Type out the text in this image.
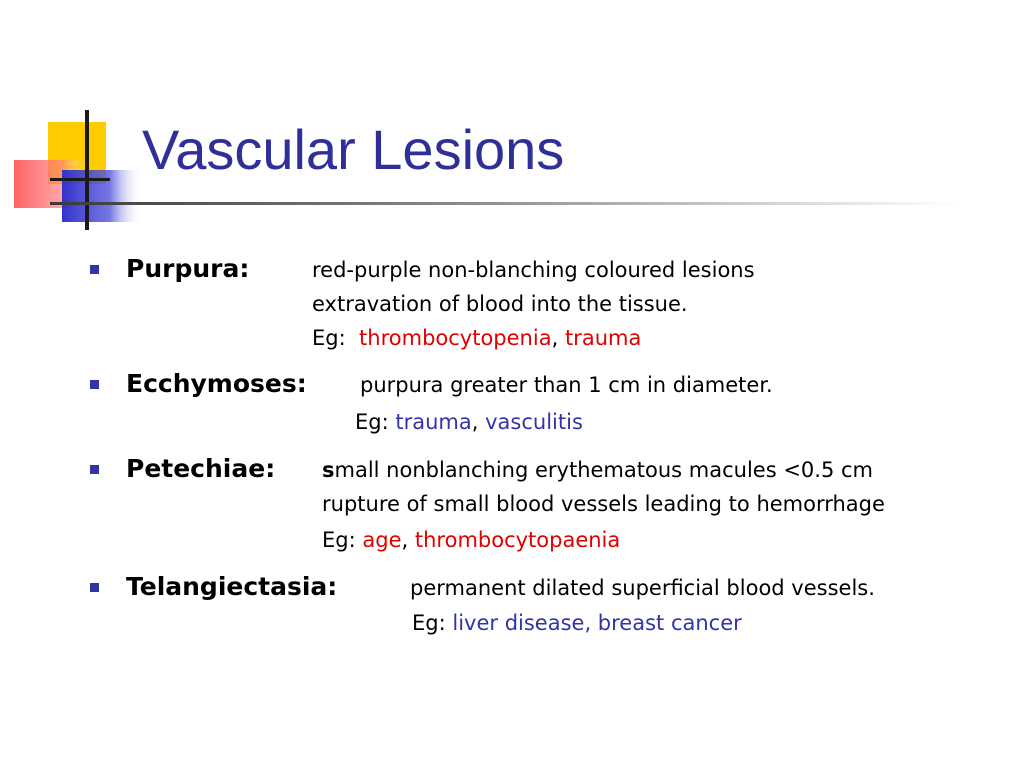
Vascular Lesions
Purpura:	red-purple non-blanching coloured lesions
extravation of blood into the tissue.
Eg: thrombocytopenia, trauma
Ecchymoses:	purpura greater than 1 cm in diameter.
Eg: trauma, vasculitis
Petechiae: small nonblanching erythematous macules <0.5 cm
rupture of small blood vessels leading to hemorrhage
Eg: age, thrombocytopaenia
Telangiectasia:	permanent dilated superficial blood vessels.
Eg: liver disease, breast cancer
